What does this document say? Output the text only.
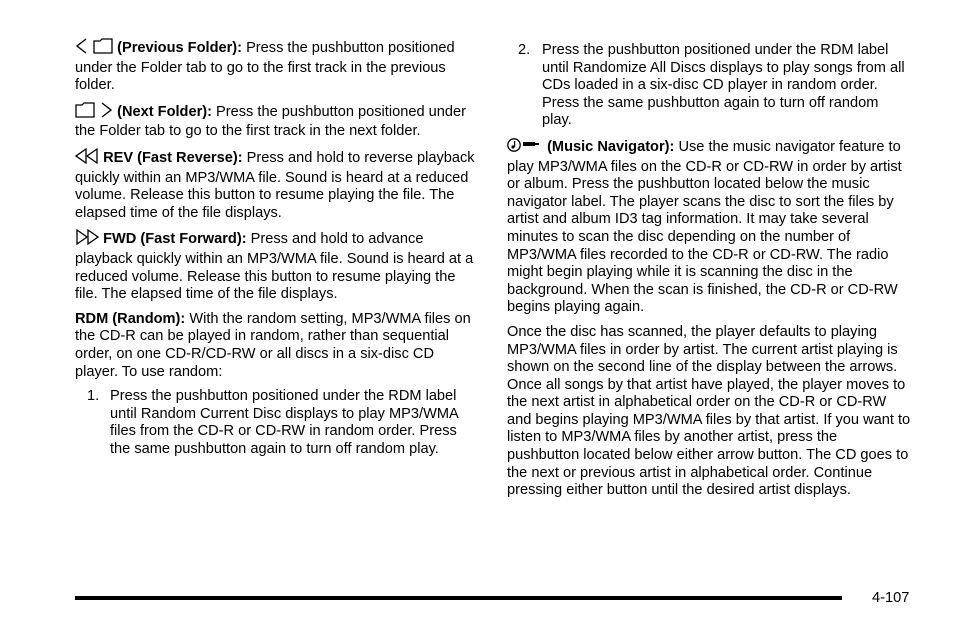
(Previous Folder): Press the pushbutton positioned under the Folder tab to go to the first track in the previous folder.

(Next Folder): Press the pushbutton positioned under the Folder tab to go to the first track in the next folder.

REV (Fast Reverse): Press and hold to reverse playback quickly within an MP3/WMA file. Sound is heard at a reduced volume. Release this button to resume playing the file. The elapsed time of the file displays.

FWD (Fast Forward): Press and hold to advance playback quickly within an MP3/WMA file. Sound is heard at a reduced volume. Release this button to resume playing the file. The elapsed time of the file displays.

RDM (Random): With the random setting, MP3/WMA files on the CD-R can be played in random, rather than sequential order, on one CD-R/CD-RW or all discs in a six-disc CD player. To use random:

1. Press the pushbutton positioned under the RDM label until Random Current Disc displays to play MP3/WMA files from the CD-R or CD-RW in random order. Press the same pushbutton again to turn off random play.
2. Press the pushbutton positioned under the RDM label until Randomize All Discs displays to play songs from all CDs loaded in a six-disc CD player in random order. Press the same pushbutton again to turn off random play.

(Music Navigator): Use the music navigator feature to play MP3/WMA files on the CD-R or CD-RW in order by artist or album. Press the pushbutton located below the music navigator label. The player scans the disc to sort the files by artist and album ID3 tag information. It may take several minutes to scan the disc depending on the number of MP3/WMA files recorded to the CD-R or CD-RW. The radio might begin playing while it is scanning the disc in the background. When the scan is finished, the CD-R or CD-RW begins playing again.

Once the disc has scanned, the player defaults to playing MP3/WMA files in order by artist. The current artist playing is shown on the second line of the display between the arrows. Once all songs by that artist have played, the player moves to the next artist in alphabetical order on the CD-R or CD-RW and begins playing MP3/WMA files by that artist. If you want to listen to MP3/WMA files by another artist, press the pushbutton located below either arrow button. The CD goes to the next or previous artist in alphabetical order. Continue pressing either button until the desired artist displays.

4-107
